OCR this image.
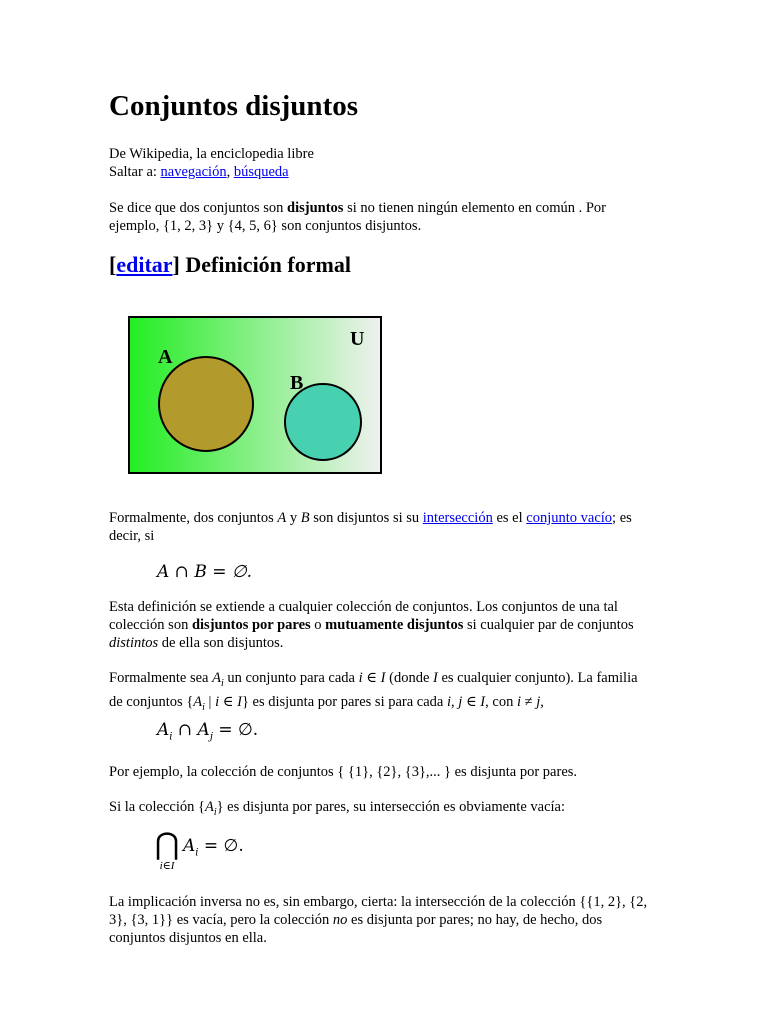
Conjuntos disjuntos

De Wikipedia, la enciclopedia libre

Saltar a: navegación, búsqueda

Se dice que dos conjuntos son disjuntos si no tienen ningún elemento en común . Por ejemplo, {1, 2, 3} y {4, 5, 6} son conjuntos disjuntos.

[editar] Definición formal
U
A
B

Formalmente, dos conjuntos A y B son disjuntos si su intersección es el conjunto vacío; es decir, si

A ∩ B = ∅.

Esta definición se extiende a cualquier colección de conjuntos. Los conjuntos de una tal colección son disjuntos por pares o mutuamente disjuntos si cualquier par de conjuntos distintos de ella son disjuntos.

Formalmente sea $A_i$ un conjunto para cada i ∈ I (donde I es cualquier conjunto). La familia de conjuntos {$A_i$ | i ∈ I} es disjunta por pares si para cada i, j ∈ I, con i ≠ j,

$A_i$ ∩ $A_j$ = ∅.

Por ejemplo, la colección de conjuntos { {1}, {2}, {3},... } es disjunta por pares.

Si la colección $\{A_i\}$ es disjunta por pares, su intersección es obviamente vacía:

⋂
i∈I
$A_i$ = ∅.

La implicación inversa no es, sin embargo, cierta: la intersección de la colección {{1, 2}, {2, 3}, {3, 1}} es vacía, pero la colección no es disjunta por pares; no hay, de hecho, dos conjuntos disjuntos en ella.
